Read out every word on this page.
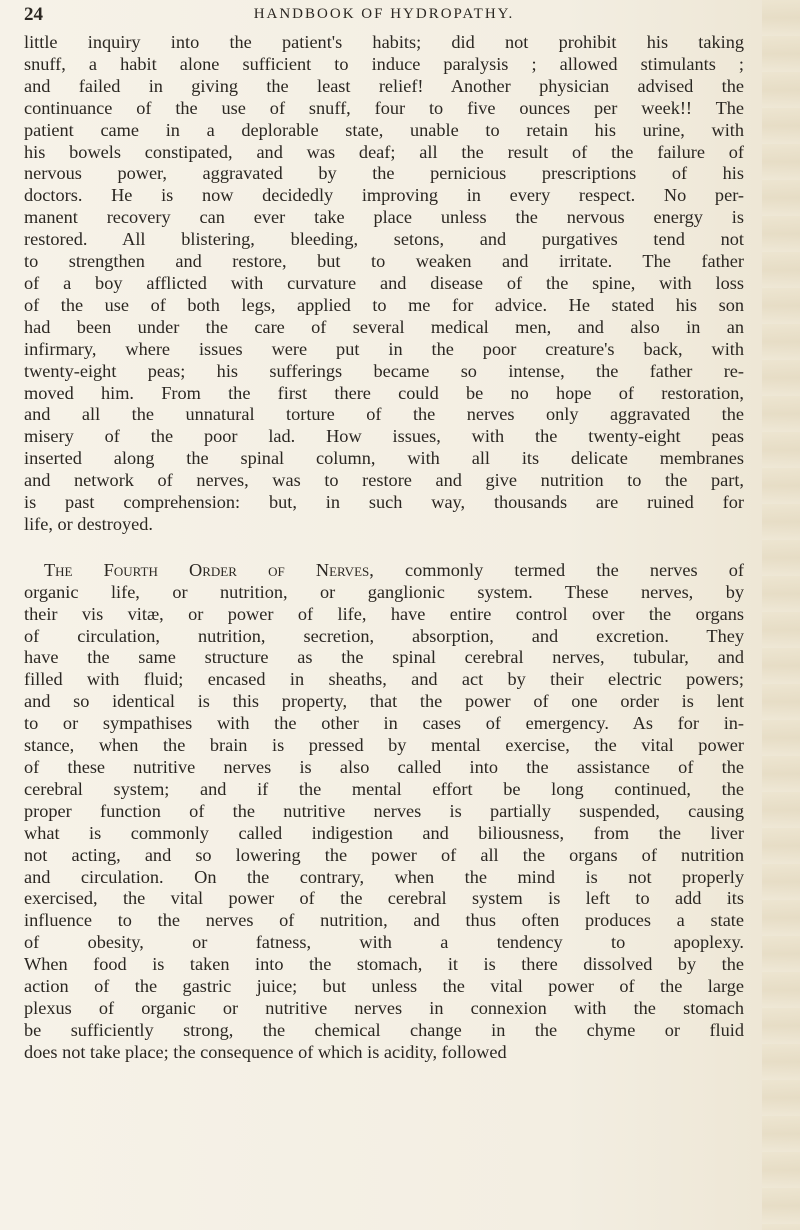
24	HANDBOOK OF HYDROPATHY.
little inquiry into the patient's habits; did not prohibit his taking
snuff, a habit alone sufficient to induce paralysis ; allowed stimulants ;
and failed in giving the least relief! Another physician advised the
continuance of the use of snuff, four to five ounces per week!! The
patient came in a deplorable state, unable to retain his urine, with
his bowels constipated, and was deaf; all the result of the failure of
nervous power, aggravated by the pernicious prescriptions of his
doctors. He is now decidedly improving in every respect. No per-
manent recovery can ever take place unless the nervous energy is
restored. All blistering, bleeding, setons, and purgatives tend not
to strengthen and restore, but to weaken and irritate. The father
of a boy afflicted with curvature and disease of the spine, with loss
of the use of both legs, applied to me for advice. He stated his son
had been under the care of several medical men, and also in an
infirmary, where issues were put in the poor creature's back, with
twenty-eight peas; his sufferings became so intense, the father re-
moved him. From the first there could be no hope of restoration,
and all the unnatural torture of the nerves only aggravated the
misery of the poor lad. How issues, with the twenty-eight peas
inserted along the spinal column, with all its delicate membranes
and network of nerves, was to restore and give nutrition to the part,
is past comprehension: but, in such way, thousands are ruined for
life, or destroyed.
The Fourth Order of Nerves, commonly termed the nerves of
organic life, or nutrition, or ganglionic system. These nerves, by
their vis vitæ, or power of life, have entire control over the organs
of circulation, nutrition, secretion, absorption, and excretion. They
have the same structure as the spinal cerebral nerves, tubular, and
filled with fluid; encased in sheaths, and act by their electric powers;
and so identical is this property, that the power of one order is lent
to or sympathises with the other in cases of emergency. As for in-
stance, when the brain is pressed by mental exercise, the vital power
of these nutritive nerves is also called into the assistance of the
cerebral system; and if the mental effort be long continued, the
proper function of the nutritive nerves is partially suspended, causing
what is commonly called indigestion and biliousness, from the liver
not acting, and so lowering the power of all the organs of nutrition
and circulation. On the contrary, when the mind is not properly
exercised, the vital power of the cerebral system is left to add its
influence to the nerves of nutrition, and thus often produces a state
of obesity, or fatness, with a tendency to apoplexy.
When food is taken into the stomach, it is there dissolved by the
action of the gastric juice; but unless the vital power of the large
plexus of organic or nutritive nerves in connexion with the stomach
be sufficiently strong, the chemical change in the chyme or fluid
does not take place; the consequence of which is acidity, followed
